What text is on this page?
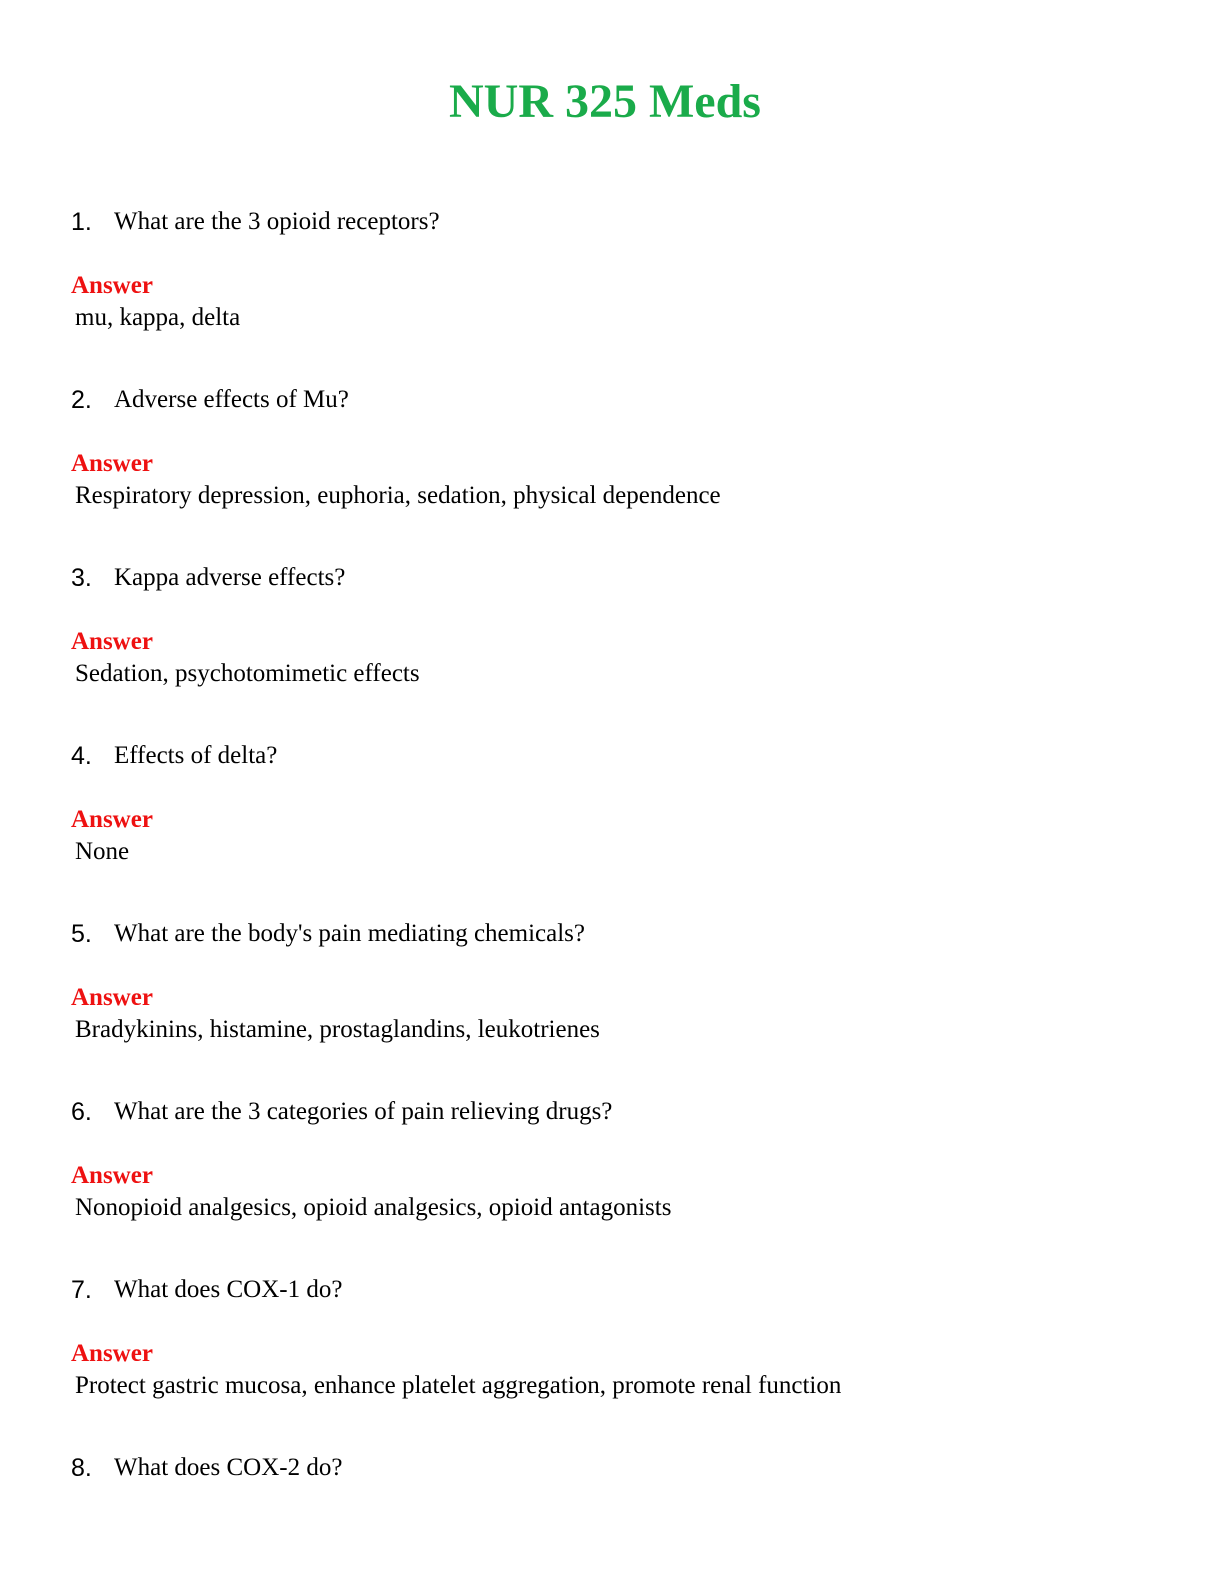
NUR 325 Meds
1. What are the 3 opioid receptors?
Answer
mu, kappa, delta
2. Adverse effects of Mu?
Answer
Respiratory depression, euphoria, sedation, physical dependence
3. Kappa adverse effects?
Answer
Sedation, psychotomimetic effects
4. Effects of delta?
Answer
None
5. What are the body's pain mediating chemicals?
Answer
Bradykinins, histamine, prostaglandins, leukotrienes
6. What are the 3 categories of pain relieving drugs?
Answer
Nonopioid analgesics, opioid analgesics, opioid antagonists
7. What does COX-1 do?
Answer
Protect gastric mucosa, enhance platelet aggregation, promote renal function
8. What does COX-2 do?
